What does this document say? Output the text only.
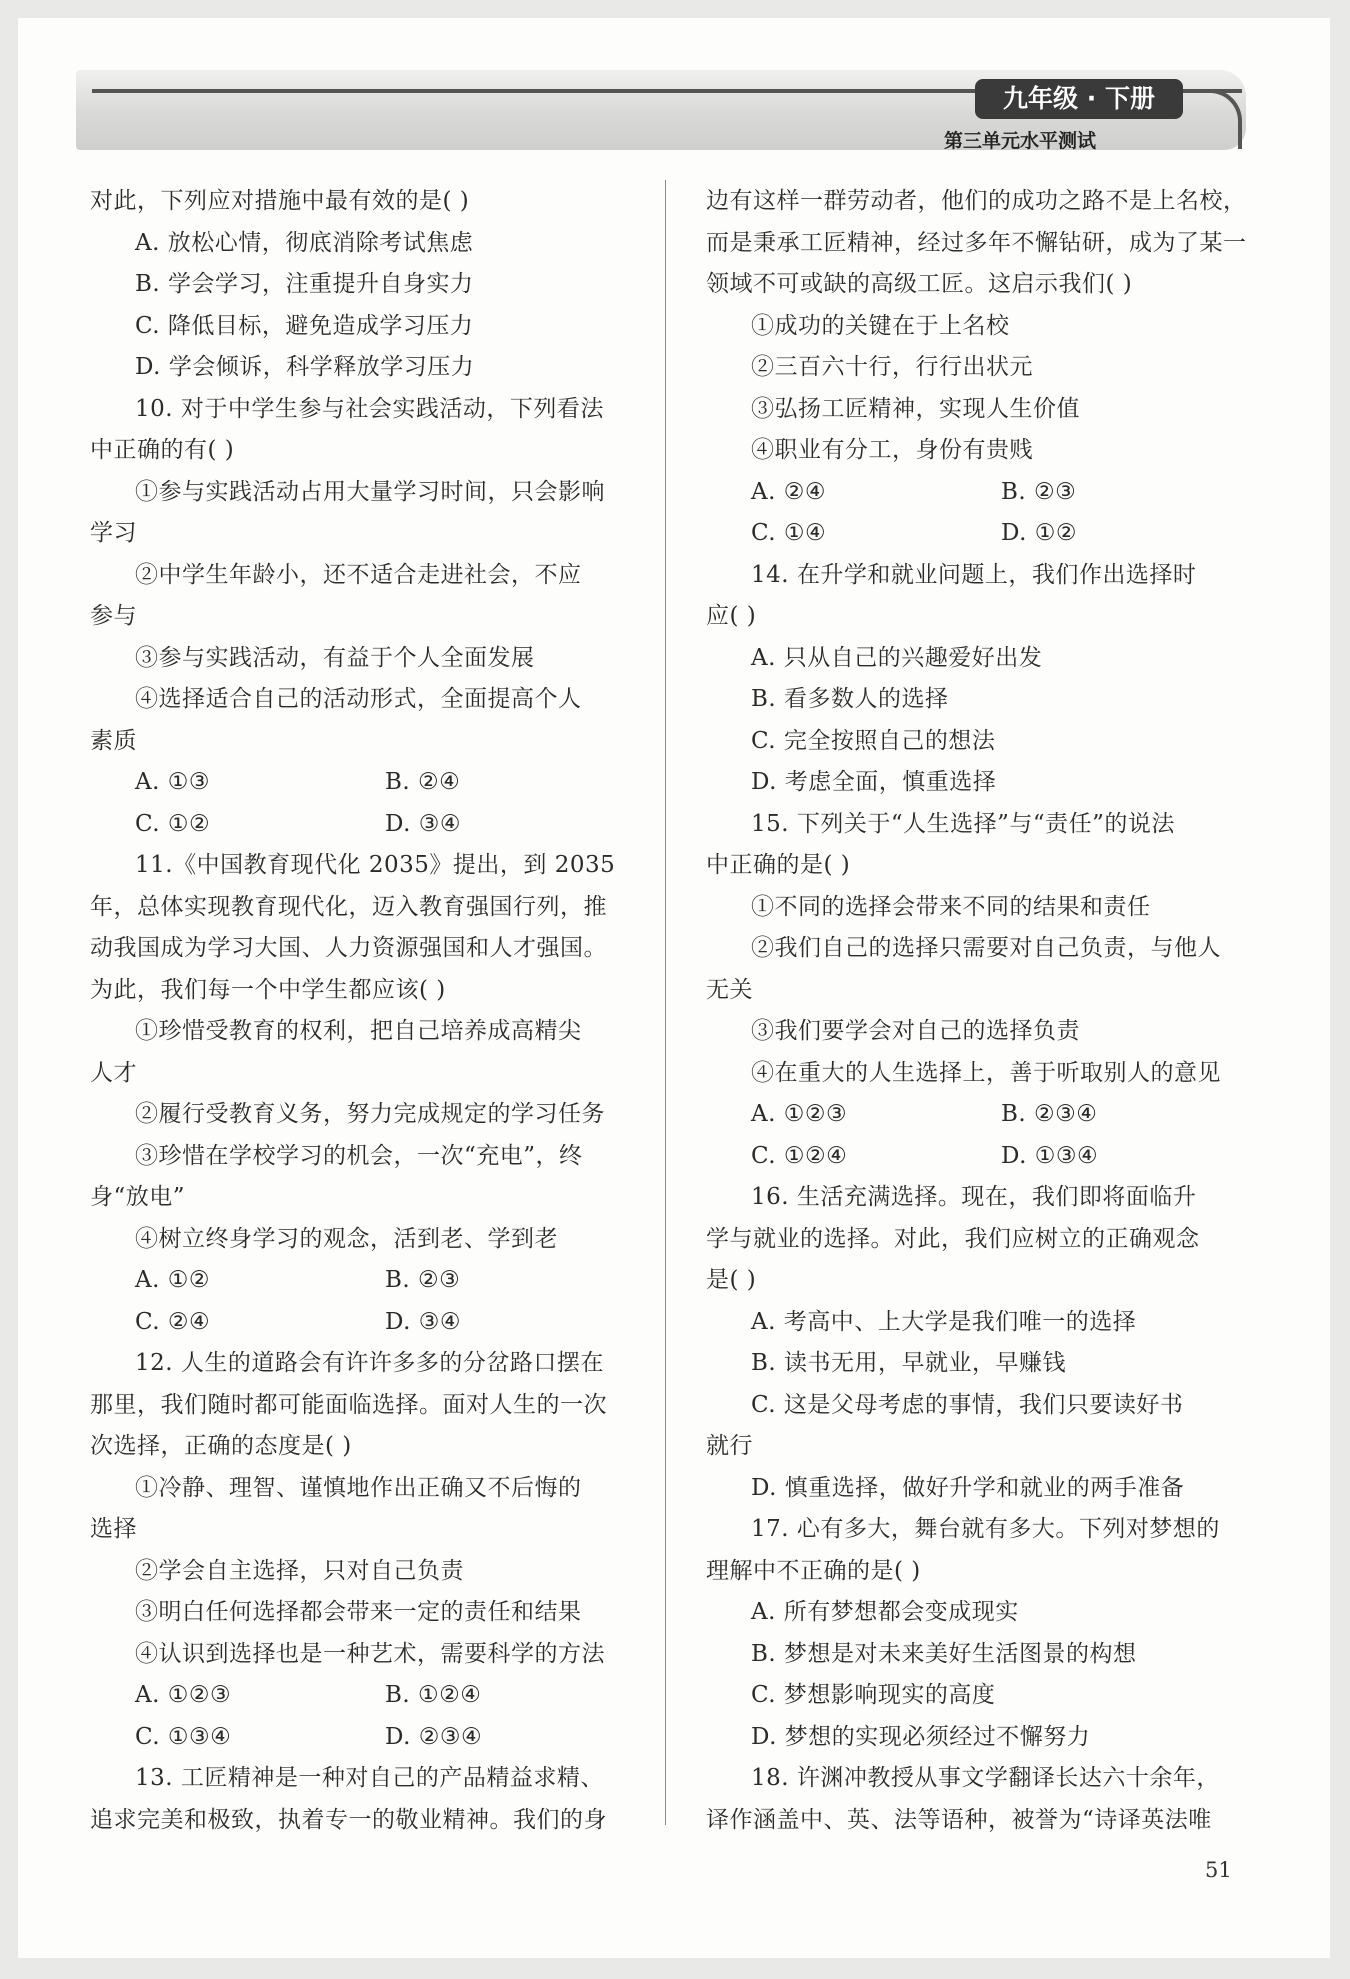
九年级 · 下册
第三单元水平测试
对此，下列应对措施中最有效的是( )
A. 放松心情，彻底消除考试焦虑
B. 学会学习，注重提升自身实力
C. 降低目标，避免造成学习压力
D. 学会倾诉，科学释放学习压力
10. 对于中学生参与社会实践活动，下列看法
中正确的有( )
①参与实践活动占用大量学习时间，只会影响
学习
②中学生年龄小，还不适合走进社会，不应
参与
③参与实践活动，有益于个人全面发展
④选择适合自己的活动形式，全面提高个人
素质
A. ①③	B. ②④
C. ①②	D. ③④
11.《中国教育现代化 2035》提出，到 2035
年，总体实现教育现代化，迈入教育强国行列，推
动我国成为学习大国、人力资源强国和人才强国。
为此，我们每一个中学生都应该( )
①珍惜受教育的权利，把自己培养成高精尖
人才
②履行受教育义务，努力完成规定的学习任务
③珍惜在学校学习的机会，一次“充电”，终
身“放电”
④树立终身学习的观念，活到老、学到老
A. ①②	B. ②③
C. ②④	D. ③④
12. 人生的道路会有许许多多的分岔路口摆在
那里，我们随时都可能面临选择。面对人生的一次
次选择，正确的态度是( )
①冷静、理智、谨慎地作出正确又不后悔的
选择
②学会自主选择，只对自己负责
③明白任何选择都会带来一定的责任和结果
④认识到选择也是一种艺术，需要科学的方法
A. ①②③	B. ①②④
C. ①③④	D. ②③④
13. 工匠精神是一种对自己的产品精益求精、
追求完美和极致，执着专一的敬业精神。我们的身
边有这样一群劳动者，他们的成功之路不是上名校，
而是秉承工匠精神，经过多年不懈钻研，成为了某一
领域不可或缺的高级工匠。这启示我们( )
①成功的关键在于上名校
②三百六十行，行行出状元
③弘扬工匠精神，实现人生价值
④职业有分工，身份有贵贱
A. ②④	B. ②③
C. ①④	D. ①②
14. 在升学和就业问题上，我们作出选择时
应( )
A. 只从自己的兴趣爱好出发
B. 看多数人的选择
C. 完全按照自己的想法
D. 考虑全面，慎重选择
15. 下列关于“人生选择”与“责任”的说法
中正确的是( )
①不同的选择会带来不同的结果和责任
②我们自己的选择只需要对自己负责，与他人
无关
③我们要学会对自己的选择负责
④在重大的人生选择上，善于听取别人的意见
A. ①②③	B. ②③④
C. ①②④	D. ①③④
16. 生活充满选择。现在，我们即将面临升
学与就业的选择。对此，我们应树立的正确观念
是( )
A. 考高中、上大学是我们唯一的选择
B. 读书无用，早就业，早赚钱
C. 这是父母考虑的事情，我们只要读好书
就行
D. 慎重选择，做好升学和就业的两手准备
17. 心有多大，舞台就有多大。下列对梦想的
理解中不正确的是( )
A. 所有梦想都会变成现实
B. 梦想是对未来美好生活图景的构想
C. 梦想影响现实的高度
D. 梦想的实现必须经过不懈努力
18. 许渊冲教授从事文学翻译长达六十余年，
译作涵盖中、英、法等语种，被誉为“诗译英法唯
51
